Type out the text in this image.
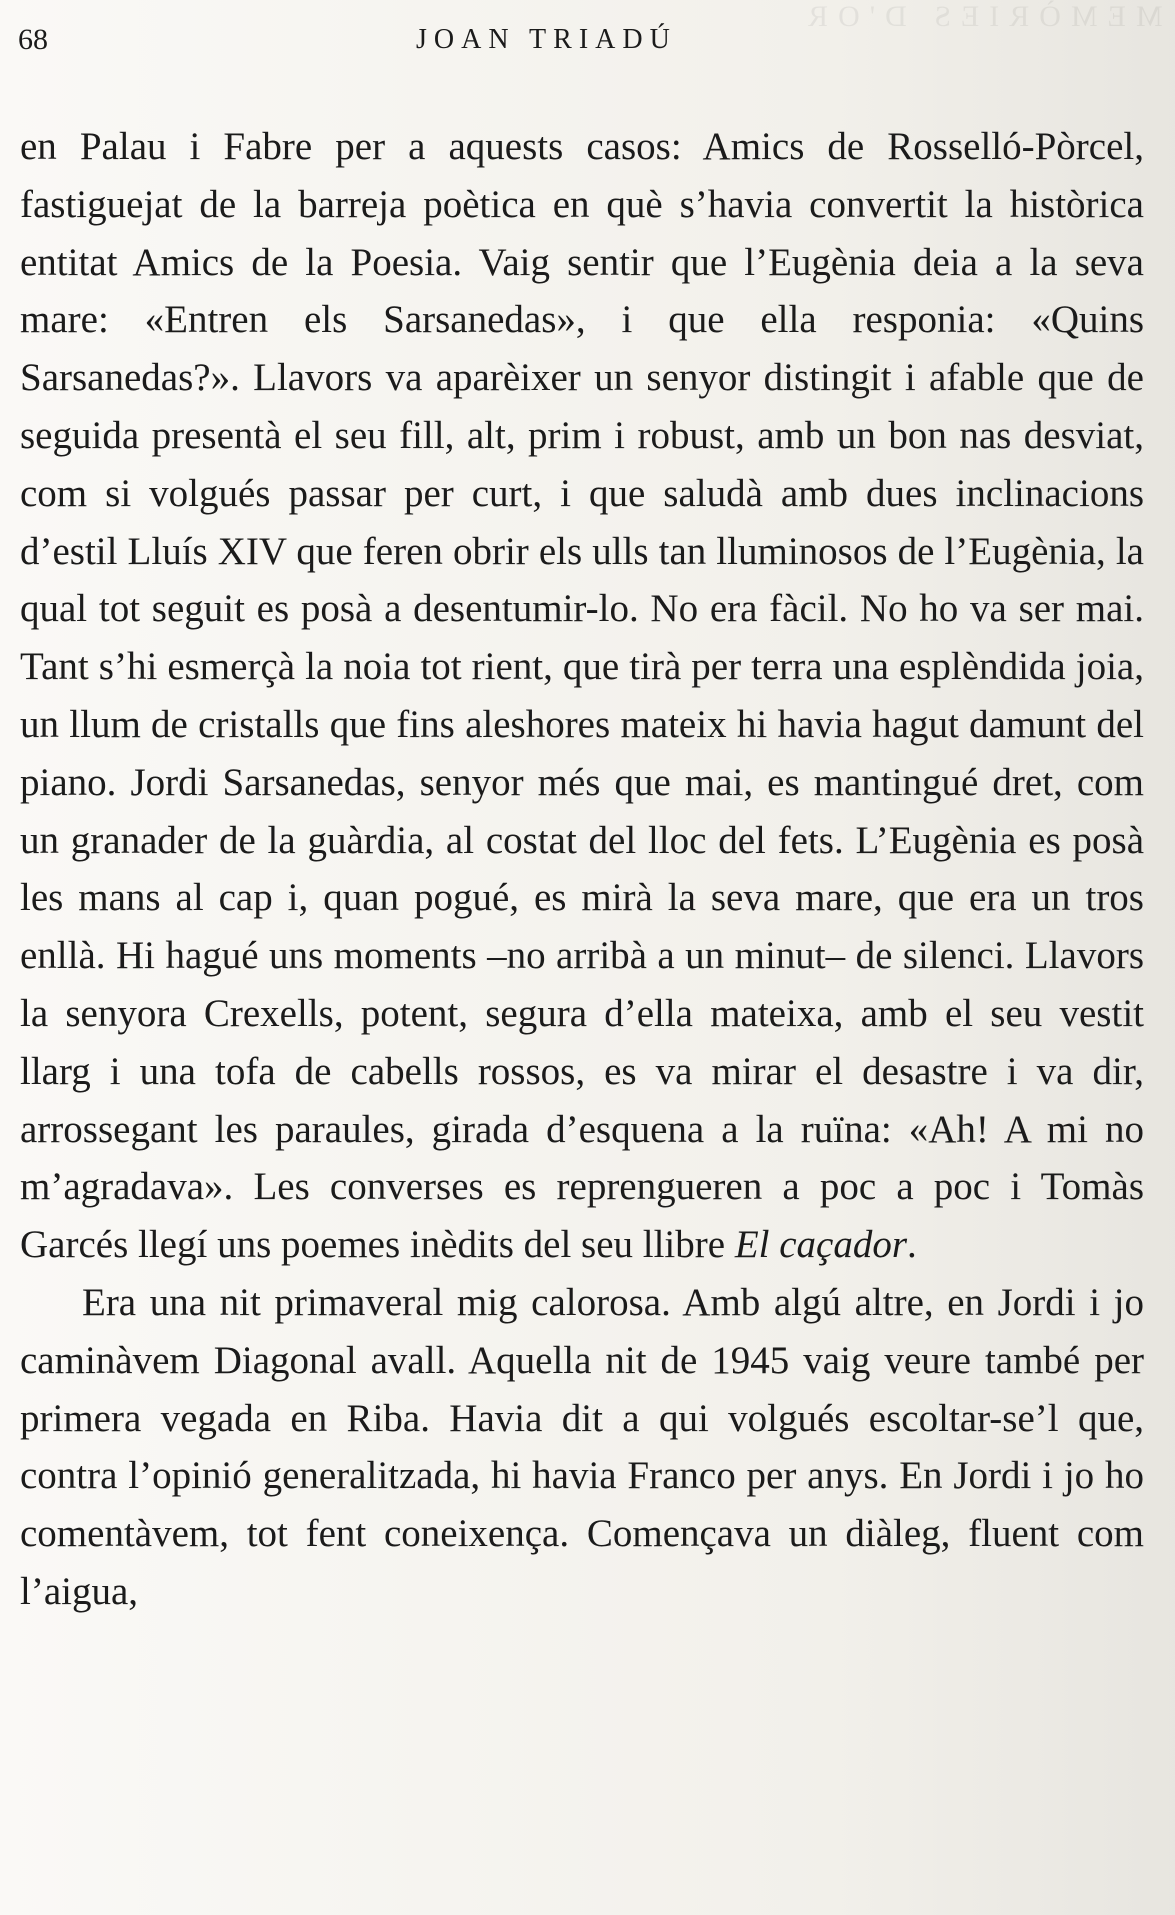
MEMÒRIES D'OR
68	JOAN TRIADÚ

en Palau i Fabre per a aquests casos: Amics de Rosselló-Pòrcel, fastiguejat de la barreja poètica en què s’havia convertit la històrica entitat Amics de la Poesia. Vaig sentir que l’Eugènia deia a la seva mare: «Entren els Sarsanedas», i que ella responia: «Quins Sarsanedas?». Llavors va aparèixer un senyor distingit i afable que de seguida presentà el seu fill, alt, prim i robust, amb un bon nas desviat, com si volgués passar per curt, i que saludà amb dues inclinacions d’estil Lluís XIV que feren obrir els ulls tan lluminosos de l’Eugènia, la qual tot seguit es posà a desentumir-lo. No era fàcil. No ho va ser mai. Tant s’hi esmerçà la noia tot rient, que tirà per terra una esplèndida joia, un llum de cristalls que fins aleshores mateix hi havia hagut damunt del piano. Jordi Sarsanedas, senyor més que mai, es mantingué dret, com un granader de la guàrdia, al costat del lloc del fets. L’Eugènia es posà les mans al cap i, quan pogué, es mirà la seva mare, que era un tros enllà. Hi hagué uns moments –no arribà a un minut– de silenci. Llavors la senyora Crexells, potent, segura d’ella mateixa, amb el seu vestit llarg i una tofa de cabells rossos, es va mirar el desastre i va dir, arrossegant les paraules, girada d’esquena a la ruïna: «Ah! A mi no m’agradava». Les converses es reprengueren a poc a poc i Tomàs Garcés llegí uns poemes inèdits del seu llibre El caçador.

Era una nit primaveral mig calorosa. Amb algú altre, en Jordi i jo caminàvem Diagonal avall. Aquella nit de 1945 vaig veure també per primera vegada en Riba. Havia dit a qui volgués escoltar-se’l que, contra l’opinió generalitzada, hi havia Franco per anys. En Jordi i jo ho comentàvem, tot fent coneixença. Començava un diàleg, fluent com l’aigua,
